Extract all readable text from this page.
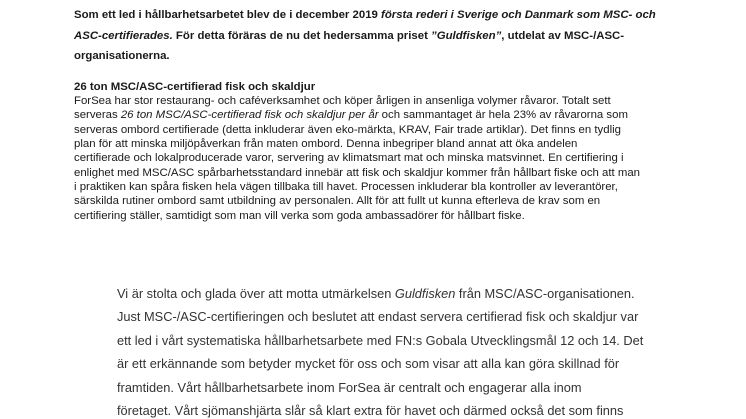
Som ett led i hållbarhetsarbetet blev de i december 2019 första rederi i Sverige och Danmark som MSC- och
ASC-certifierades. För detta föräras de nu det hedersamma priset ”Guldfisken”, utdelat av MSC-/ASC-
organisationerna.

26 ton MSC/ASC-certifierad fisk och skaldjur

ForSea har stor restaurang- och caféverksamhet och köper årligen in ansenliga volymer råvaror. Totalt sett
serveras 26 ton MSC/ASC-certifierad fisk och skaldjur per år och sammantaget är hela 23% av råvarorna som
serveras ombord certifierade (detta inkluderar även eko-märkta, KRAV, Fair trade artiklar). Det finns en tydlig
plan för att minska miljöpåverkan från maten ombord. Denna inbegriper bland annat att öka andelen
certifierade och lokalproducerade varor, servering av klimatsmart mat och minska matsvinnet. En certifiering i
enlighet med MSC/ASC spårbarhetsstandard innebär att fisk och skaldjur kommer från hållbart fiske och att man
i praktiken kan spåra fisken hela vägen tillbaka till havet. Processen inkluderar bla kontroller av leverantörer,
särskilda rutiner ombord samt utbildning av personalen. Allt för att fullt ut kunna efterleva de krav som en
certifiering ställer, samtidigt som man vill verka som goda ambassadörer för hållbart fiske.

Vi är stolta och glada över att motta utmärkelsen Guldfisken från MSC/ASC-organisationen.
Just MSC-/ASC-certifieringen och beslutet att endast servera certifierad fisk och skaldjur var
ett led i vårt systematiska hållbarhetsarbete med FN:s Gobala Utvecklingsmål 12 och 14. Det
är ett erkännande som betyder mycket för oss och som visar att alla kan göra skillnad för
framtiden. Vårt hållbarhetsarbete inom ForSea är centralt och engagerar alla inom
företaget. Vårt sjömanshjärta slår så klart extra för havet och därmed också det som finns
